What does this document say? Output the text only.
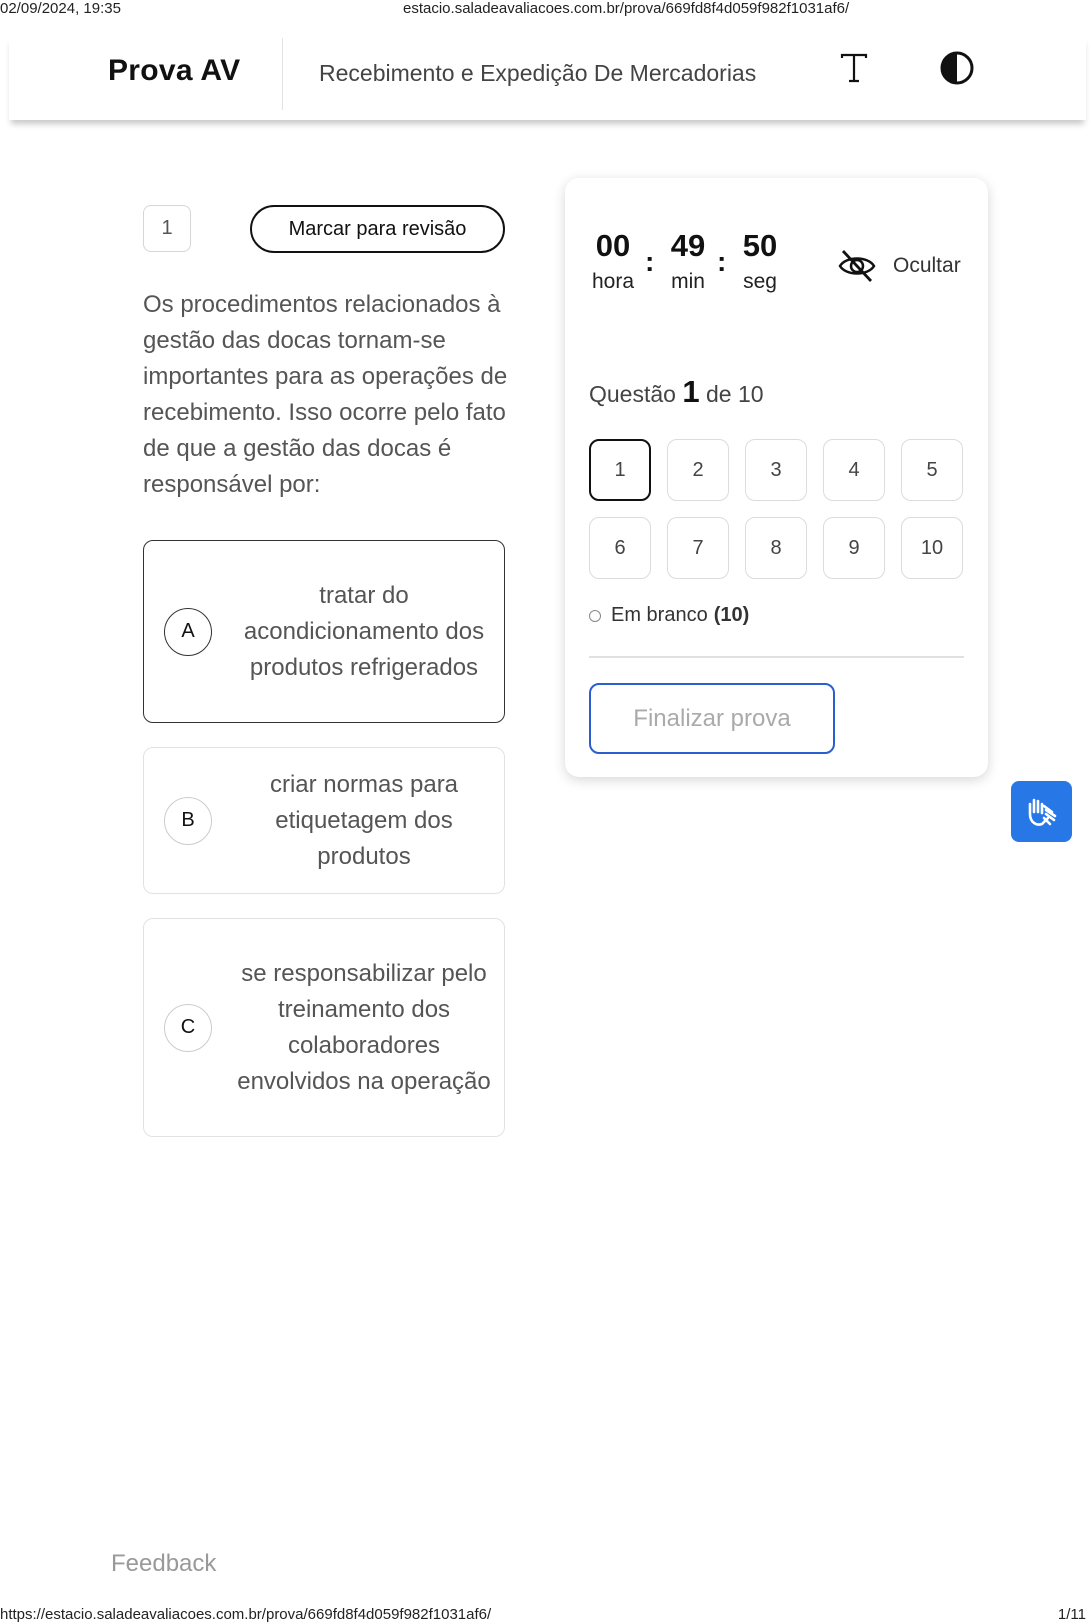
02/09/2024, 19:35	estacio.saladeavaliacoes.com.br/prova/669fd8f4d059f982f1031af6/
Prova AV	Recebimento e Expedição De Mercadorias
1	Marcar para revisão
Os procedimentos relacionados à gestão das docas tornam-se importantes para as operações de recebimento. Isso ocorre pelo fato de que a gestão das docas é responsável por:
A
tratar do acondicionamento dos produtos refrigerados
B
criar normas para etiquetagem dos produtos
C
se responsabilizar pelo treinamento dos colaboradores envolvidos na operação
00
hora
: 49
min
: 50
seg
Ocultar
Questão 1 de 10
1	2	3	4	5
6	7	8	9	10
Em branco (10)
Finalizar prova
Feedback
https://estacio.saladeavaliacoes.com.br/prova/669fd8f4d059f982f1031af6/	1/11
